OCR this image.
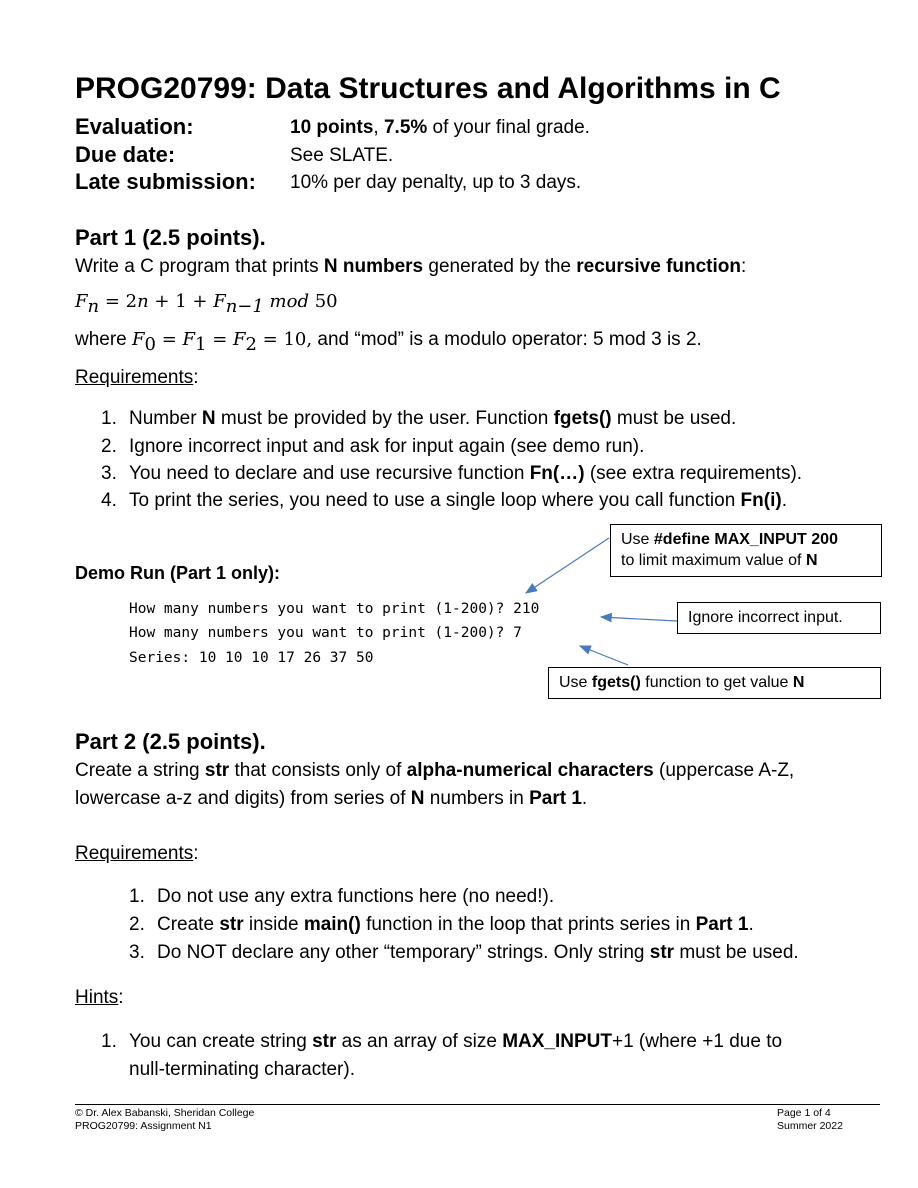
PROG20799: Data Structures and Algorithms in C
Evaluation:	10 points, 7.5% of your final grade.
Due date:	See SLATE.
Late submission: 10% per day penalty, up to 3 days.
Part 1 (2.5 points).
Write a C program that prints N numbers generated by the recursive function:
$F_n = 2n + 1 + F_{n-1}$ mod 50
where $F_0 = F_1 = F_2 = 10$, and “mod” is a modulo operator: 5 mod 3 is 2.
Requirements:
1. Number N must be provided by the user. Function fgets() must be used.
2. Ignore incorrect input and ask for input again (see demo run).
3. You need to declare and use recursive function Fn(…) (see extra requirements).
4. To print the series, you need to use a single loop where you call function Fn(i).
Demo Run (Part 1 only):
How many numbers you want to print (1-200)? 210
How many numbers you want to print (1-200)? 7
Series: 10 10 10 17 26 37 50
Use #define MAX_INPUT 200
to limit maximum value of N
Ignore incorrect input.
Use fgets() function to get value N
Part 2 (2.5 points).
Create a string str that consists only of alpha-numerical characters (uppercase A-Z,
lowercase a-z and digits) from series of N numbers in Part 1.
Requirements:
1. Do not use any extra functions here (no need!).
2. Create str inside main() function in the loop that prints series in Part 1.
3. Do NOT declare any other “temporary” strings. Only string str must be used.
Hints:
1. You can create string str as an array of size MAX_INPUT+1 (where +1 due to
null-terminating character).
© Dr. Alex Babanski, Sheridan College
PROG20799: Assignment N1
Page 1 of 4
Summer 2022
